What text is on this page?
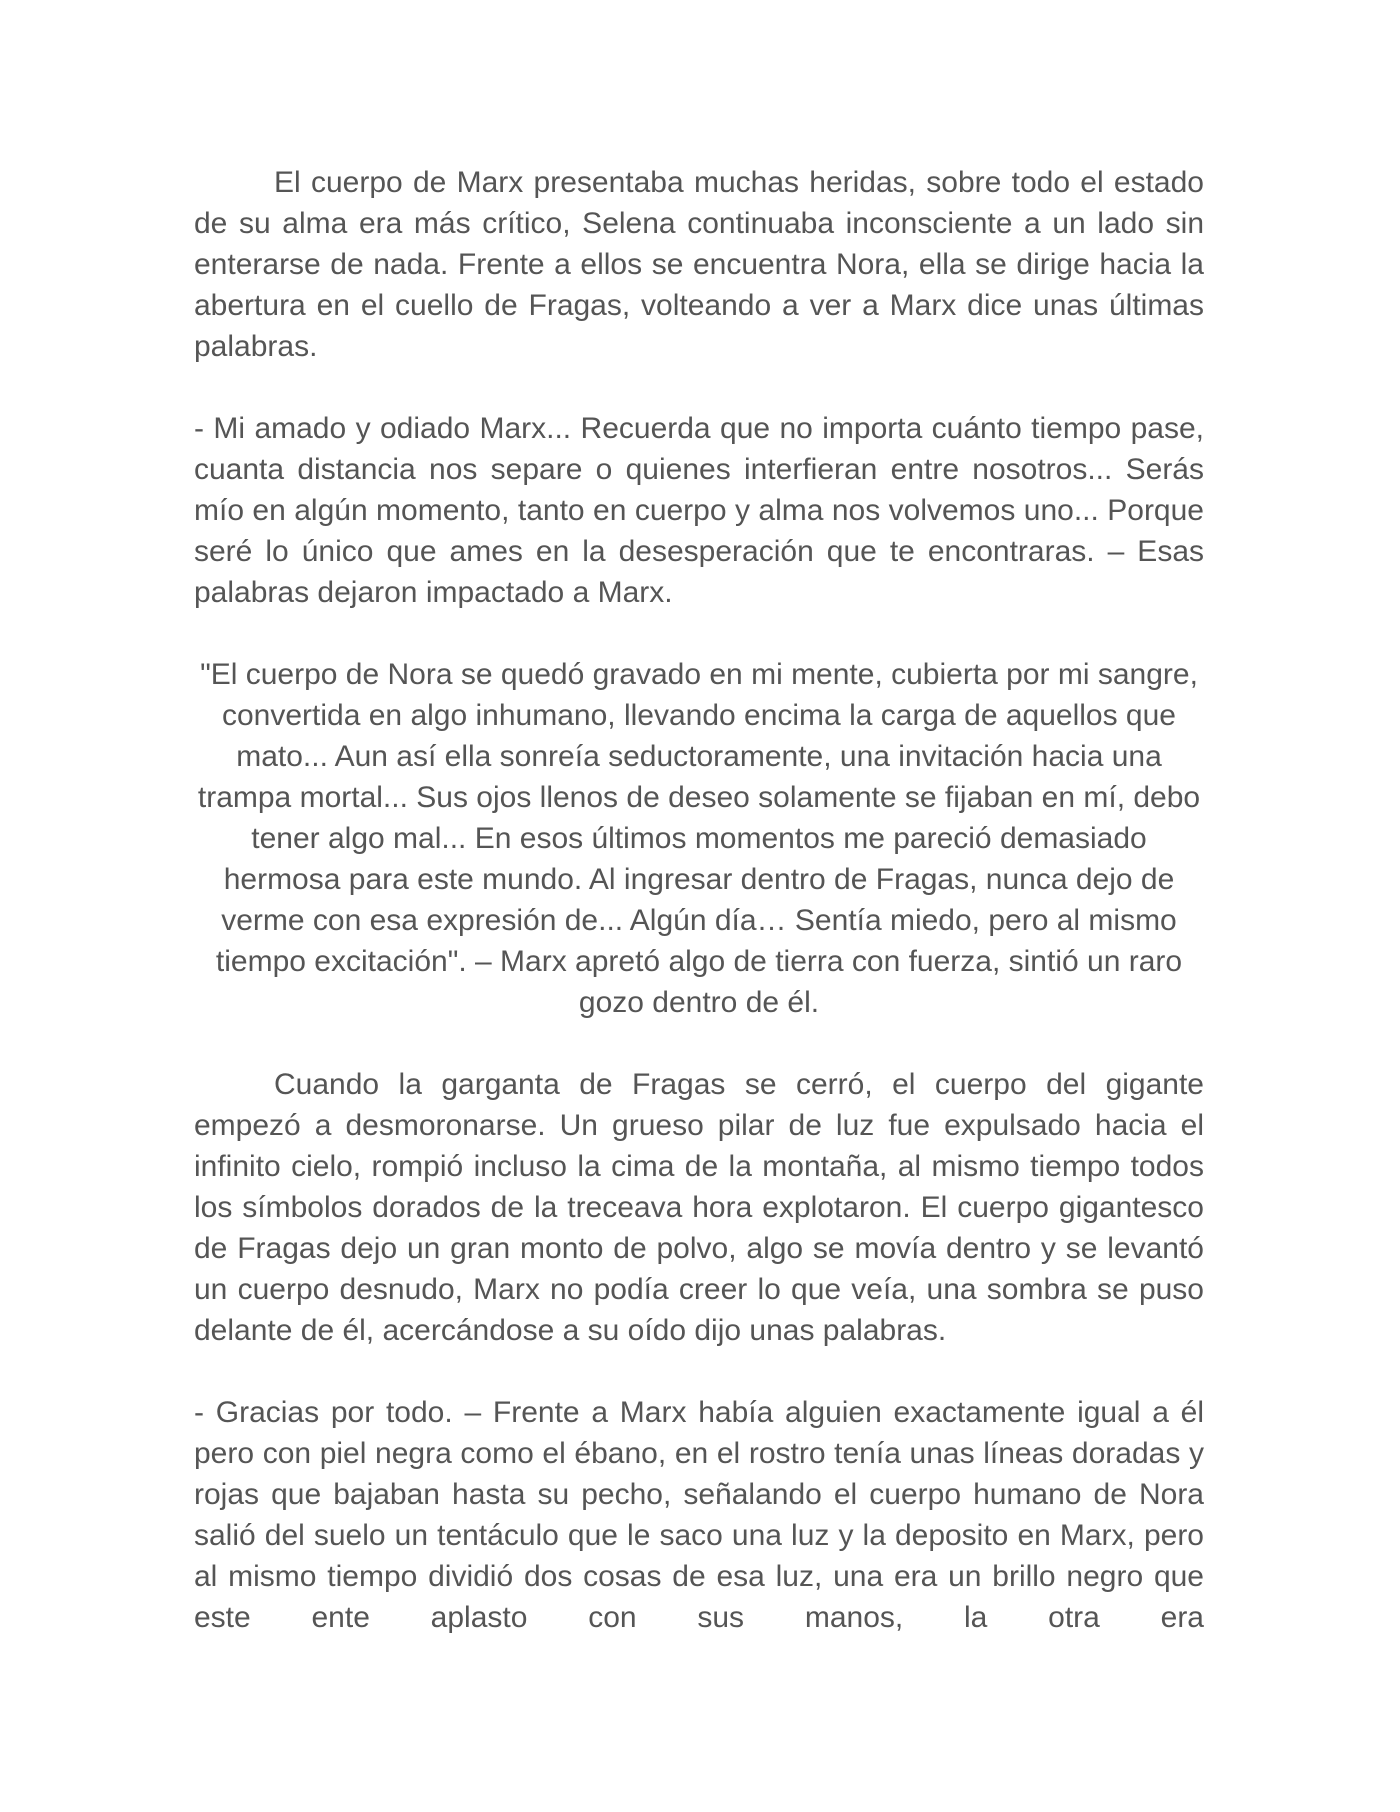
El cuerpo de Marx presentaba muchas heridas, sobre todo el estado de su alma era más crítico, Selena continuaba inconsciente a un lado sin enterarse de nada. Frente a ellos se encuentra Nora, ella se dirige hacia la abertura en el cuello de Fragas, volteando a ver a Marx dice unas últimas palabras.

- Mi amado y odiado Marx... Recuerda que no importa cuánto tiempo pase, cuanta distancia nos separe o quienes interfieran entre nosotros... Serás mío en algún momento, tanto en cuerpo y alma nos volvemos uno... Porque seré lo único que ames en la desesperación que te encontraras. – Esas palabras dejaron impactado a Marx.

"El cuerpo de Nora se quedó gravado en mi mente, cubierta por mi sangre, convertida en algo inhumano, llevando encima la carga de aquellos que mato... Aun así ella sonreía seductoramente, una invitación hacia una trampa mortal... Sus ojos llenos de deseo solamente se fijaban en mí, debo tener algo mal... En esos últimos momentos me pareció demasiado hermosa para este mundo. Al ingresar dentro de Fragas, nunca dejo de verme con esa expresión de... Algún día… Sentía miedo, pero al mismo tiempo excitación". – Marx apretó algo de tierra con fuerza, sintió un raro gozo dentro de él.

Cuando la garganta de Fragas se cerró, el cuerpo del gigante empezó a desmoronarse. Un grueso pilar de luz fue expulsado hacia el infinito cielo, rompió incluso la cima de la montaña, al mismo tiempo todos los símbolos dorados de la treceava hora explotaron. El cuerpo gigantesco de Fragas dejo un gran monto de polvo, algo se movía dentro y se levantó un cuerpo desnudo, Marx no podía creer lo que veía, una sombra se puso delante de él, acercándose a su oído dijo unas palabras.

- Gracias por todo. – Frente a Marx había alguien exactamente igual a él pero con piel negra como el ébano, en el rostro tenía unas líneas doradas y rojas que bajaban hasta su pecho, señalando el cuerpo humano de Nora salió del suelo un tentáculo que le saco una luz y la deposito en Marx, pero al mismo tiempo dividió dos cosas de esa luz, una era un brillo negro que este ente aplasto con sus manos, la otra era
